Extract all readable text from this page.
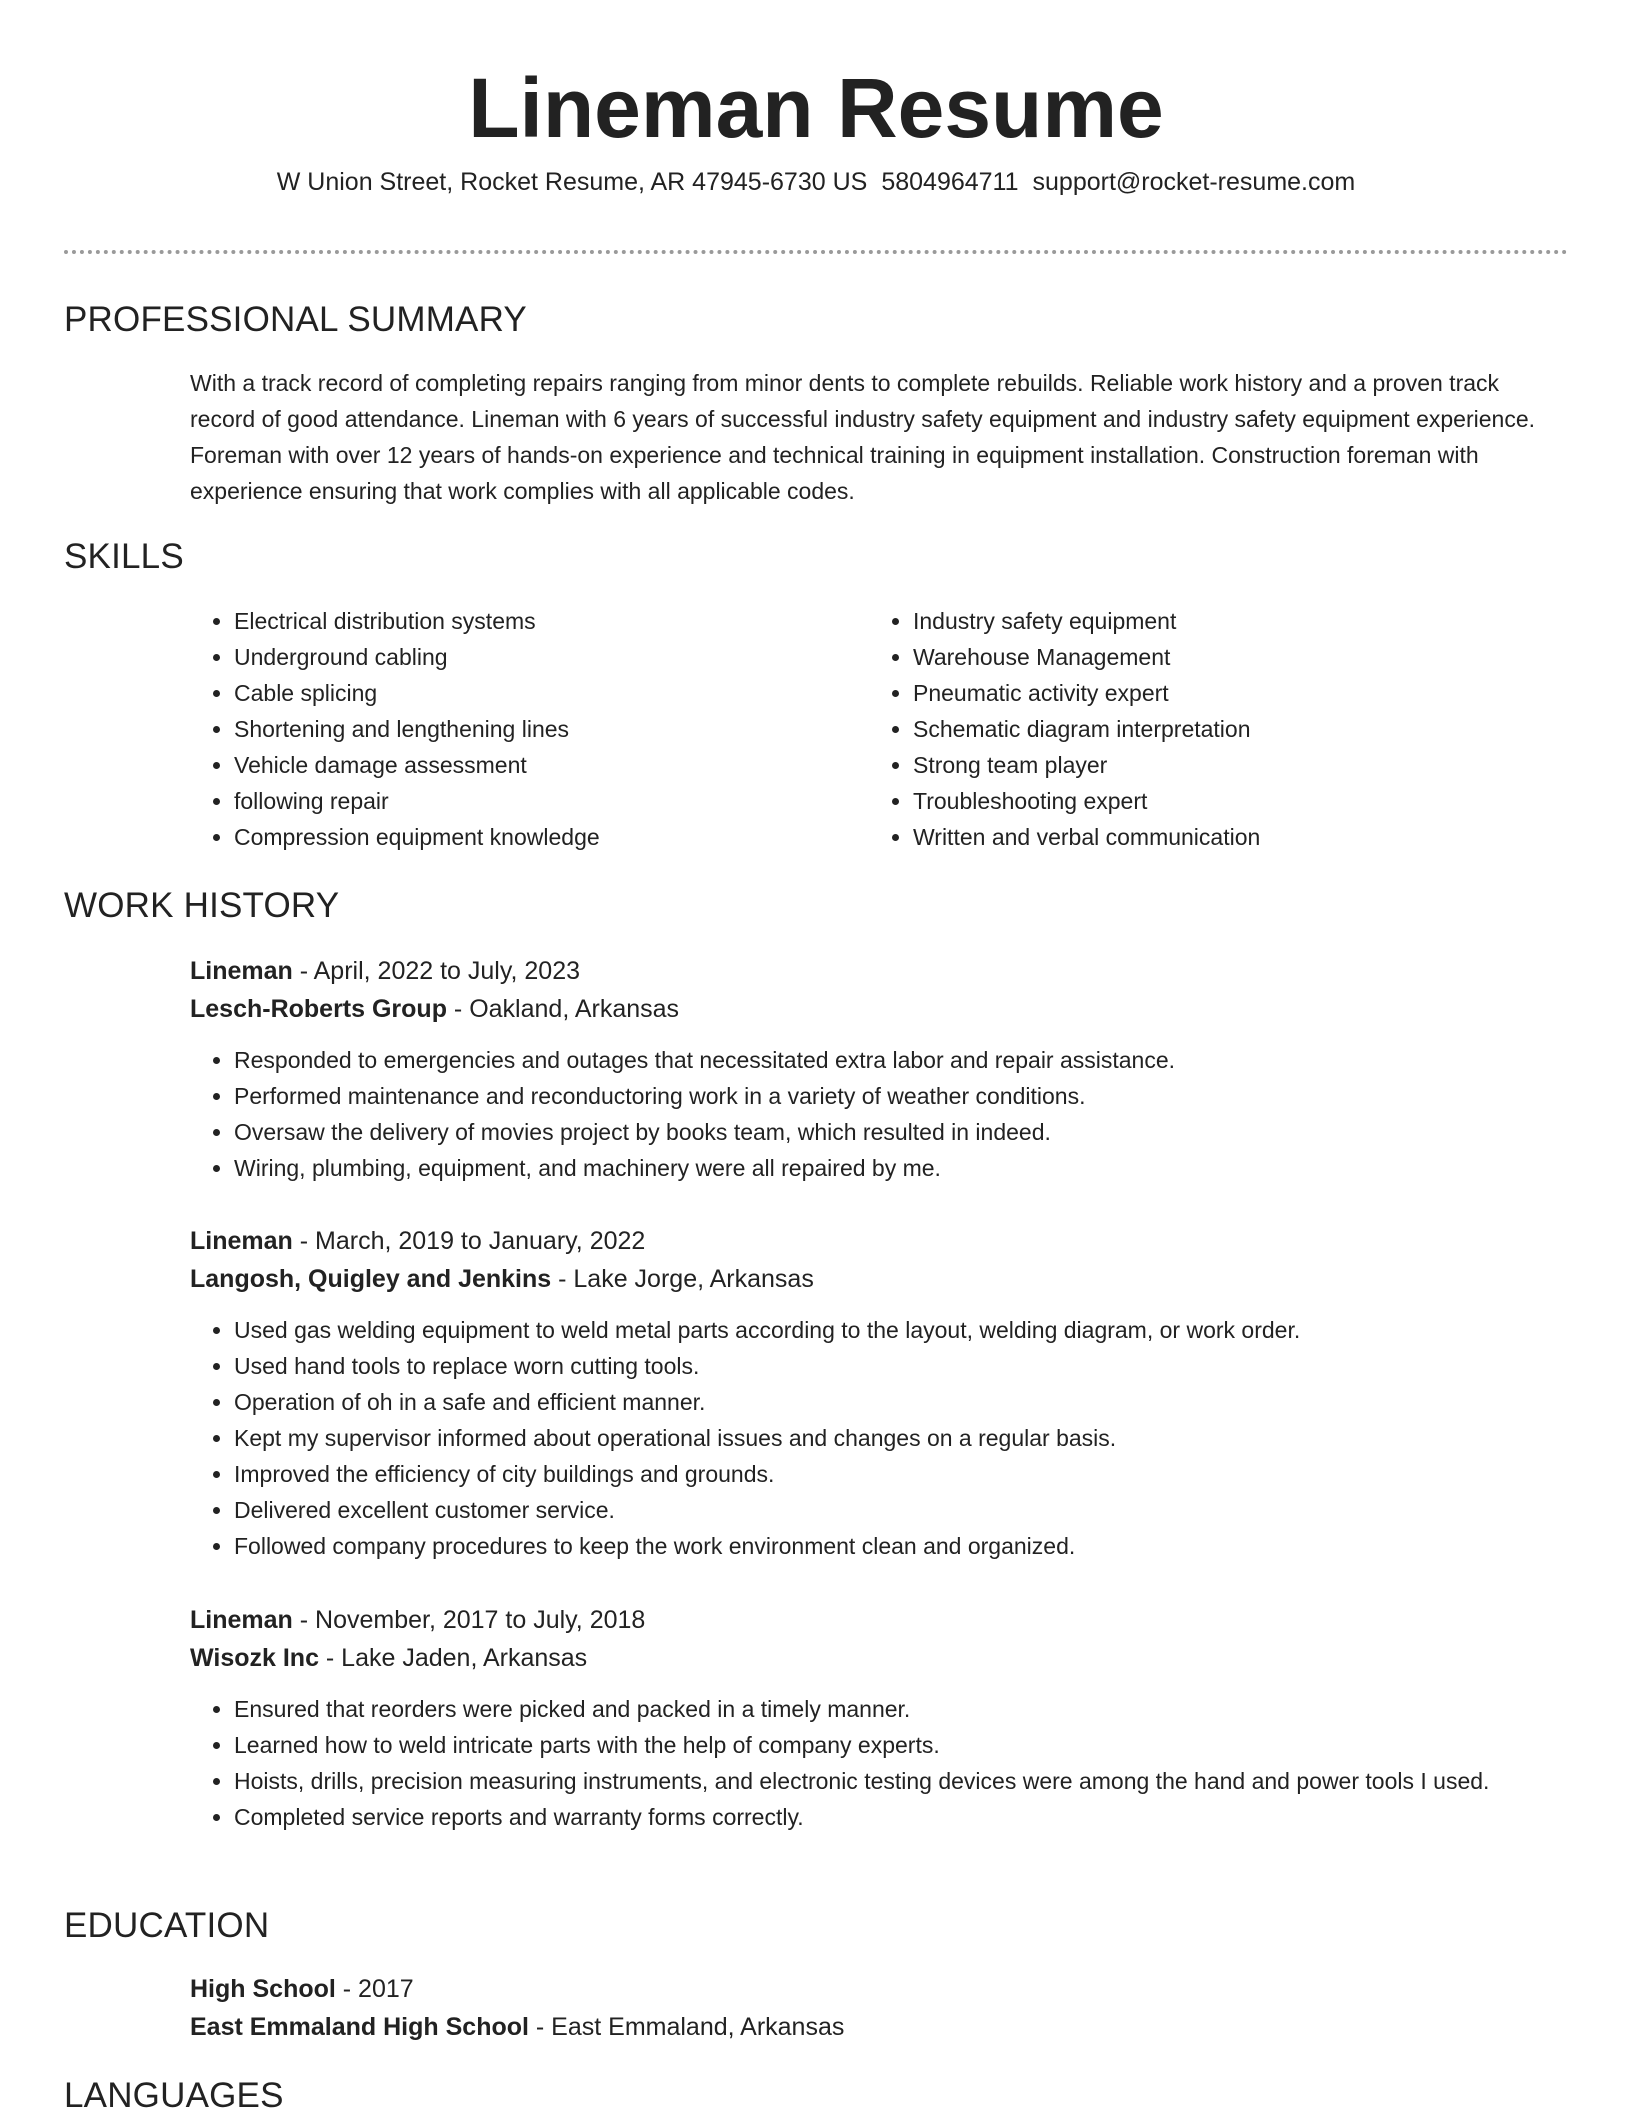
Lineman Resume
W Union Street, Rocket Resume, AR 47945-6730 US 5804964711 support@rocket-resume.com
PROFESSIONAL SUMMARY

With a track record of completing repairs ranging from minor dents to complete rebuilds. Reliable work history and a proven track record of good attendance. Lineman with 6 years of successful industry safety equipment and industry safety equipment experience. Foreman with over 12 years of hands-on experience and technical training in equipment installation. Construction foreman with experience ensuring that work complies with all applicable codes.

SKILLS
• Electrical distribution systems
• Underground cabling
• Cable splicing
• Shortening and lengthening lines
• Vehicle damage assessment
• following repair
• Compression equipment knowledge
• Industry safety equipment
• Warehouse Management
• Pneumatic activity expert
• Schematic diagram interpretation
• Strong team player
• Troubleshooting expert
• Written and verbal communication
WORK HISTORY

Lineman - April, 2022 to July, 2023

Lesch-Roberts Group - Oakland, Arkansas

• Responded to emergencies and outages that necessitated extra labor and repair assistance.
• Performed maintenance and reconductoring work in a variety of weather conditions.
• Oversaw the delivery of movies project by books team, which resulted in indeed.
• Wiring, plumbing, equipment, and machinery were all repaired by me.

Lineman - March, 2019 to January, 2022

Langosh, Quigley and Jenkins - Lake Jorge, Arkansas

• Used gas welding equipment to weld metal parts according to the layout, welding diagram, or work order.
• Used hand tools to replace worn cutting tools.
• Operation of oh in a safe and efficient manner.
• Kept my supervisor informed about operational issues and changes on a regular basis.
• Improved the efficiency of city buildings and grounds.
• Delivered excellent customer service.
• Followed company procedures to keep the work environment clean and organized.

Lineman - November, 2017 to July, 2018

Wisozk Inc - Lake Jaden, Arkansas

• Ensured that reorders were picked and packed in a timely manner.
• Learned how to weld intricate parts with the help of company experts.
• Hoists, drills, precision measuring instruments, and electronic testing devices were among the hand and power tools I used.
• Completed service reports and warranty forms correctly.
EDUCATION

High School - 2017

East Emmaland High School - East Emmaland, Arkansas

LANGUAGES
